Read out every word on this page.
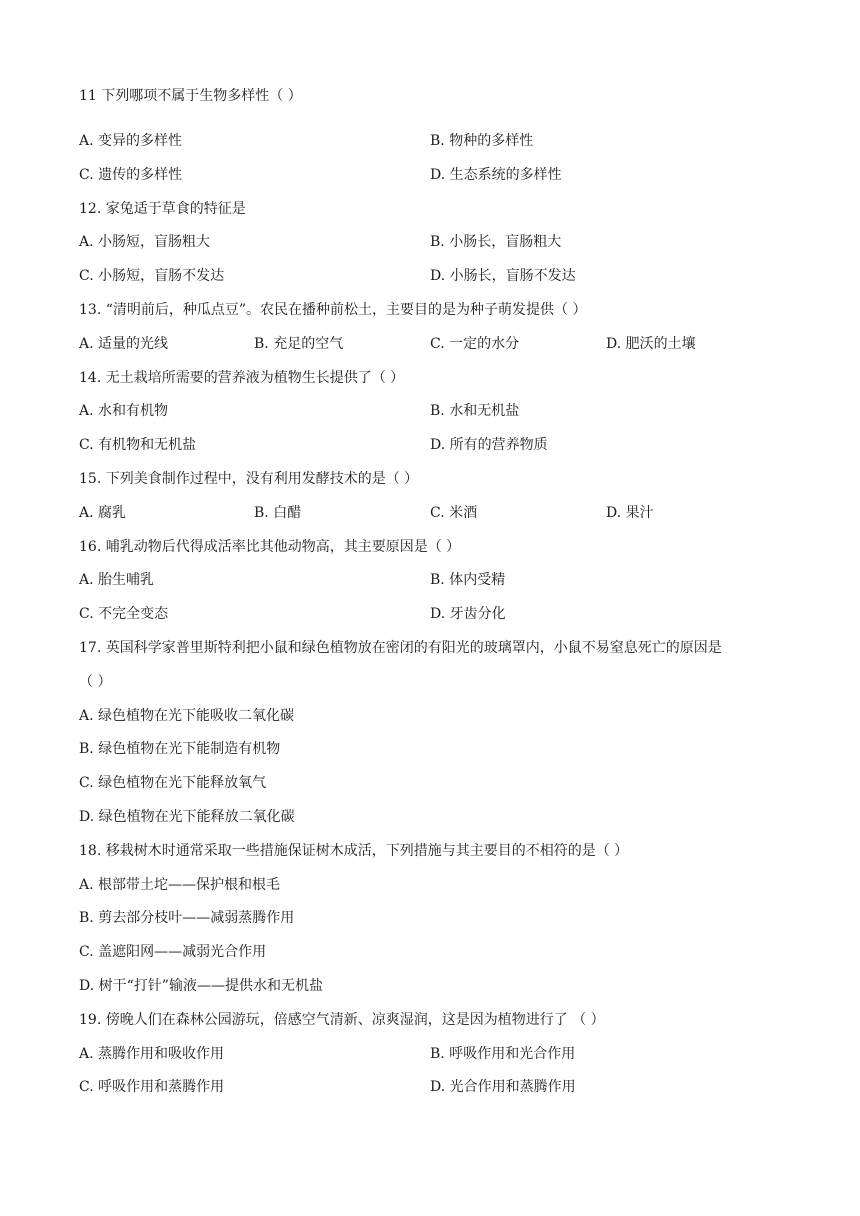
11 下列哪项不属于生物多样性（ ）
A. 变异的多样性	B. 物种的多样性
C. 遗传的多样性	D. 生态系统的多样性
12. 家兔适于草食的特征是
A. 小肠短，盲肠粗大	B. 小肠长，盲肠粗大
C. 小肠短，盲肠不发达	D. 小肠长，盲肠不发达
13. “清明前后，种瓜点豆”。农民在播种前松土，主要目的是为种子萌发提供（ ）
A. 适量的光线	B. 充足的空气	C. 一定的水分	D. 肥沃的土壤
14. 无土栽培所需要的营养液为植物生长提供了（ ）
A. 水和有机物	B. 水和无机盐
C. 有机物和无机盐	D. 所有的营养物质
15. 下列美食制作过程中，没有利用发酵技术的是（ ）
A. 腐乳	B. 白醋	C. 米酒	D. 果汁
16. 哺乳动物后代得成活率比其他动物高，其主要原因是（ ）
A. 胎生哺乳	B. 体内受精
C. 不完全变态	D. 牙齿分化
17. 英国科学家普里斯特利把小鼠和绿色植物放在密闭的有阳光的玻璃罩内，小鼠不易窒息死亡的原因是
（ ）
A. 绿色植物在光下能吸收二氧化碳
B. 绿色植物在光下能制造有机物
C. 绿色植物在光下能释放氧气
D. 绿色植物在光下能释放二氧化碳
18. 移栽树木时通常采取一些措施保证树木成活，下列措施与其主要目的不相符的是（ ）
A. 根部带土坨——保护根和根毛
B. 剪去部分枝叶——减弱蒸腾作用
C. 盖遮阳网——减弱光合作用
D. 树干“打针”输液——提供水和无机盐
19. 傍晚人们在森林公园游玩，倍感空气清新、凉爽湿润，这是因为植物进行了 （ ）
A. 蒸腾作用和吸收作用	B. 呼吸作用和光合作用
C. 呼吸作用和蒸腾作用	D. 光合作用和蒸腾作用
